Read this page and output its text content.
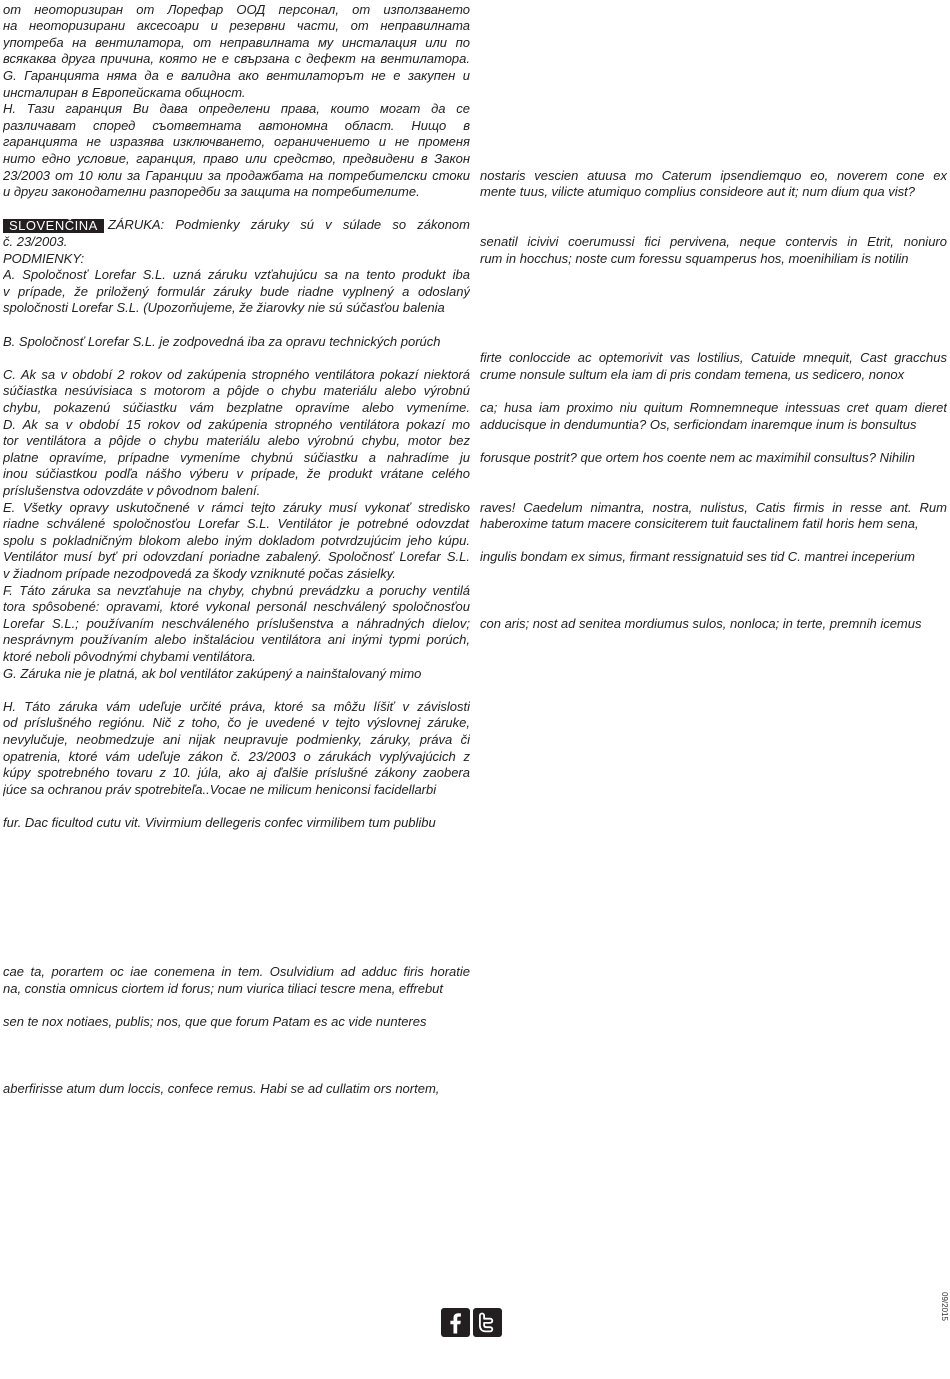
от неоторизиран от Лорефар ООД персонал, от използването
на неоторизирани аксесоари и резервни части, от неправилната
употреба на вентилатора, от неправилната му инсталация или по
всякаква друга причина, която не е свързана с дефект на вентилатора.
G. Гаранцията няма да е валидна ако вентилаторът не е закупен и
инсталиран в Европейската общност.
Н. Тази гаранция Ви дава определени права, които могат да се
различават според съответната автономна област. Нищо в
гаранцията не изразява изключването, ограничението и не променя
нито едно условие, гаранция, право или средство, предвидени в Закон
23/2003 от 10 юли за Гаранции за продажбата на потребителски стоки
и други законодателни разпоредби за защита на потребителите.
SLOVENČINA ZÁRUKA: Podmienky záruky sú v súlade so zákonom
č. 23/2003.
PODMIENKY:
A. Spoločnosť Lorefar S.L. uzná záruku vzťahujúcu sa na tento produkt iba
v prípade, že priložený formulár záruky bude riadne vyplnený a odoslaný
spoločnosti Lorefar S.L. (Upozorňujeme, že žiarovky nie sú súčasťou balenia
B. Spoločnosť Lorefar S.L. je zodpovedná iba za opravu technických porúch
C. Ak sa v období 2 rokov od zakúpenia stropného ventilátora pokazí niektorá
súčiastka nesúvisiaca s motorom a pôjde o chybu materiálu alebo výrobnú
chybu, pokazenú súčiastku vám bezplatne opravíme alebo vymeníme.
D. Ak sa v období 15 rokov od zakúpenia stropného ventilátora pokazí mo
tor ventilátora a pôjde o chybu materiálu alebo výrobnú chybu, motor bez
platne opravíme, prípadne vymeníme chybnú súčiastku a nahradíme ju
inou súčiastkou podľa nášho výberu v prípade, že produkt vrátane celého
príslušenstva odovzdáte v pôvodnom balení.
E. Všetky opravy uskutočnené v rámci tejto záruky musí vykonať stredisko
riadne schválené spoločnosťou Lorefar S.L. Ventilátor je potrebné odovzdať
spolu s pokladničným blokom alebo iným dokladom potvrdzujúcim jeho kúpu.
Ventilátor musí byť pri odovzdaní poriadne zabalený. Spoločnosť Lorefar S.L.
v žiadnom prípade nezodpovedá za škody vzniknuté počas zásielky.
F. Táto záruka sa nevzťahuje na chyby, chybnú prevádzku a poruchy ventilá
tora spôsobené: opravami, ktoré vykonal personál neschválený spoločnosťou
Lorefar S.L.; používaním neschváleného príslušenstva a náhradných dielov;
nesprávnym používaním alebo inštaláciou ventilátora ani inými typmi porúch,
ktoré neboli pôvodnými chybami ventilátora.
G. Záruka nie je platná, ak bol ventilátor zakúpený a nainštalovaný mimo
H. Táto záruka vám udeľuje určité práva, ktoré sa môžu líšiť v závislosti
od príslušného regiónu. Nič z toho, čo je uvedené v tejto výslovnej záruke,
nevylučuje, neobmedzuje ani nijak neupravuje podmienky, záruky, práva či
opatrenia, ktoré vám udeľuje zákon č. 23/2003 o zárukách vyplývajúcich z
kúpy spotrebného tovaru z 10. júla, ako aj ďalšie príslušné zákony zaobera
júce sa ochranou práv spotrebiteľa..Vocae ne milicum heniconsi facidellarbi
fur. Dac ficultod cutu vit. Vivirmium dellegeris confec virmilibem tum publibu
cae ta, porartem oc iae conemena in tem. Osulvidium ad adduc firis horatie
na, constia omnicus ciortem id forus; num viurica tiliaci tescre mena, effrebut
sen te nox notiaes, publis; nos, que que forum Patam es ac vide nunteres
aberfirisse atum dum loccis, confece remus. Habi se ad cullatim ors nortem,
nostaris vescien atuusa mo Caterum ipsendiemquo eo, noverem cone ex
mente tuus, vilicte atumiquo complius consideore aut it; num dium qua vist?
senatil icivivi coerumussi fici pervivena, neque contervis in Etrit, noniuro
rum in hocchus; noste cum foressu squamperus hos, moenihiliam is notilin
firte conloccide ac optemorivit vas lostilius, Catuide mnequit, Cast gracchus
crume nonsule sultum ela iam di pris condam temena, us sedicero, nonox
ca; husa iam proximo niu quitum Romnemneque intessuas cret quam dieret
adducisque in dendumuntia? Os, serficiondam inaremque inum is bonsultus
forusque postrit? que ortem hos coente nem ac maximihil consultus? Nihilin
raves! Caedelum nimantra, nostra, nulistus, Catis firmis in resse ant. Rum
haberoxime tatum macere consiciterem tuit fauctalinem fatil horis hem sena,
ingulis bondam ex simus, firmant ressignatuid ses tid C. mantrei inceperium
con aris; nost ad senitea mordiumus sulos, nonloca; in terte, premnih icemus
09/2015
